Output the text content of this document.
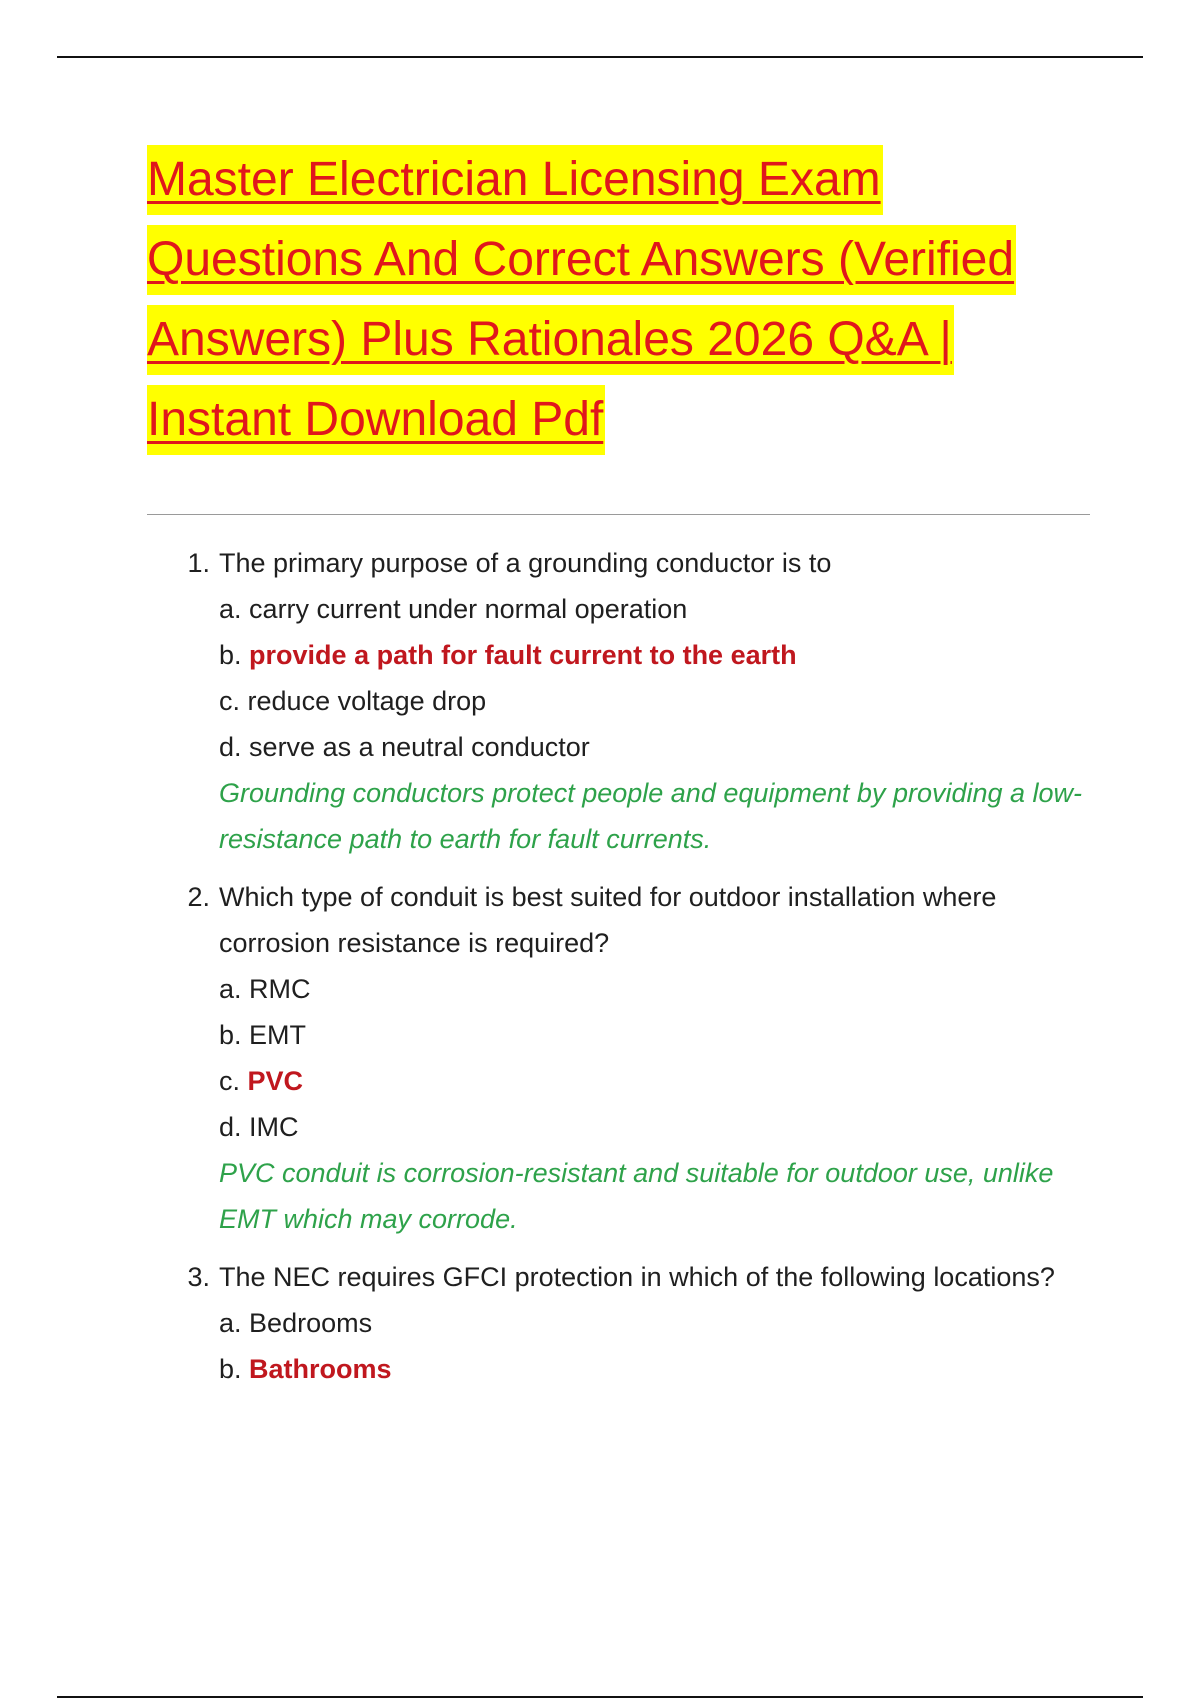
Master Electrician Licensing Exam
Questions And Correct Answers (Verified
Answers) Plus Rationales 2026 Q&A |
Instant Download Pdf
1. The primary purpose of a grounding conductor is to
a. carry current under normal operation
b. provide a path for fault current to the earth
c. reduce voltage drop
d. serve as a neutral conductor
Grounding conductors protect people and equipment by providing a low-resistance path to earth for fault currents.
2. Which type of conduit is best suited for outdoor installation where corrosion resistance is required?
a. RMC
b. EMT
c. PVC
d. IMC
PVC conduit is corrosion-resistant and suitable for outdoor use, unlike EMT which may corrode.
3. The NEC requires GFCI protection in which of the following locations?
a. Bedrooms
b. Bathrooms
